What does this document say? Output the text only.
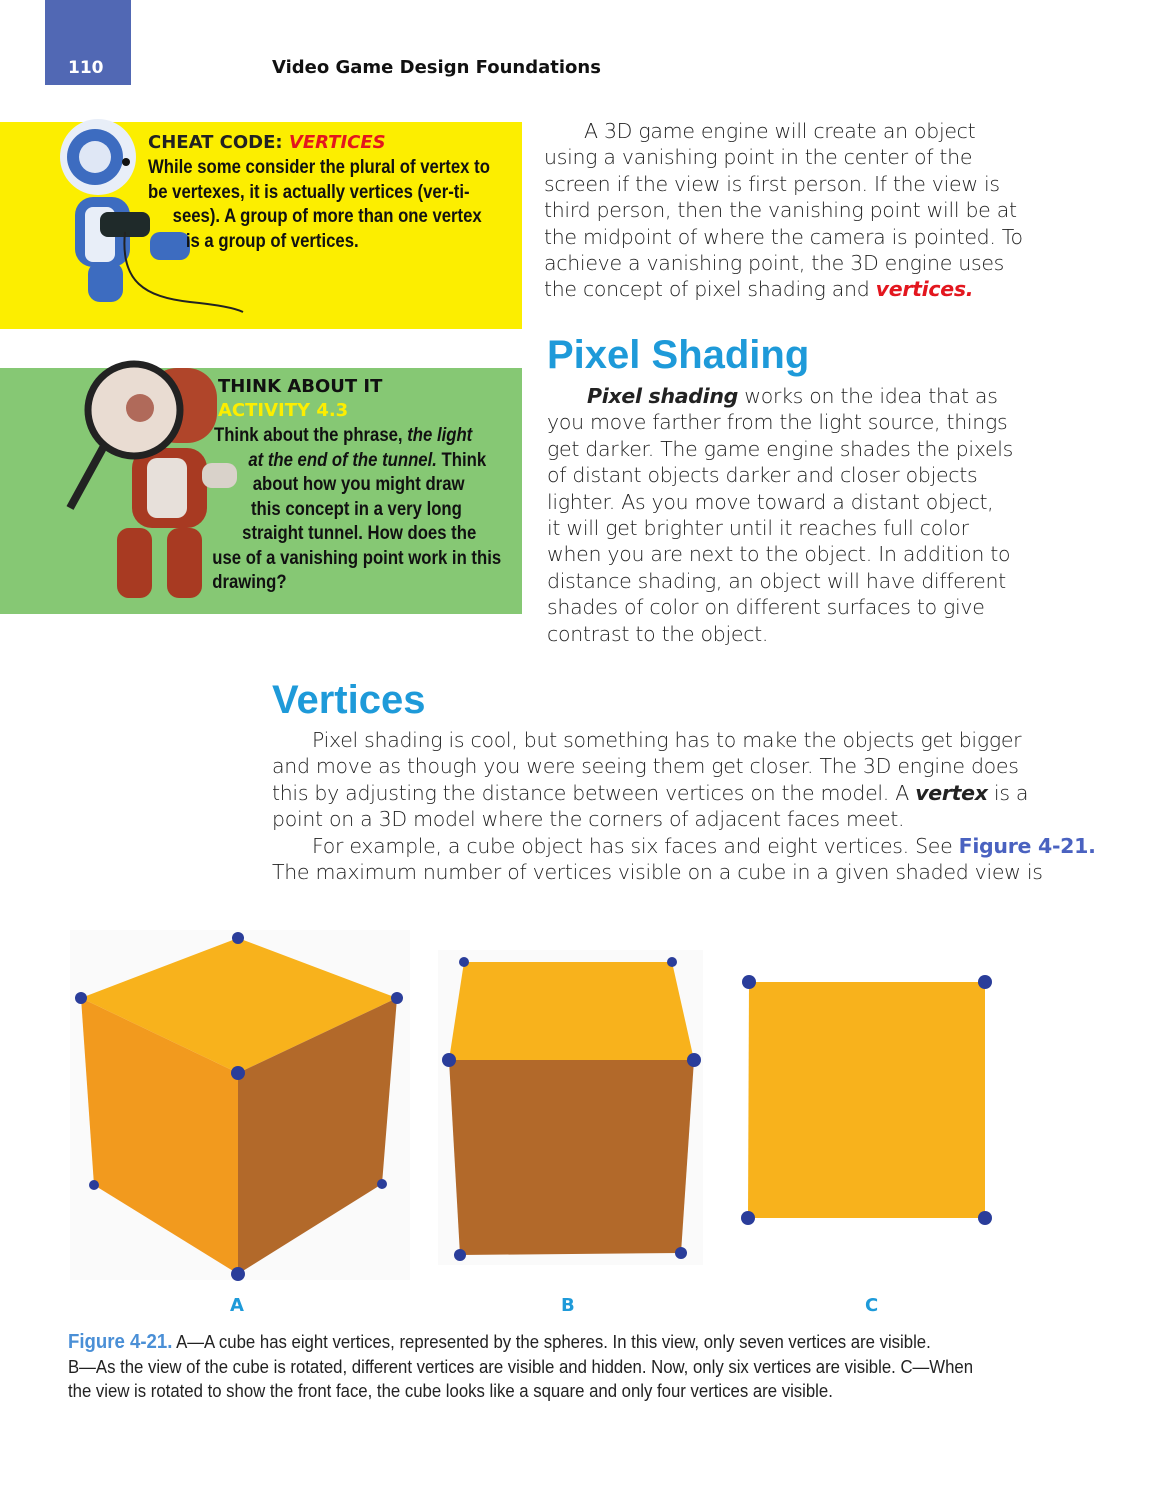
110	Video Game Design Foundations
CHEAT CODE: VERTICES
While some consider the plural of vertex to
be vertexes, it is actually vertices (ver-ti-
sees). A group of more than one vertex
is a group of vertices.
THINK ABOUT IT
ACTIVITY 4.3
Think about the phrase, the light
at the end of the tunnel. Think
about how you might draw
this concept in a very long
straight tunnel. How does the
use of a vanishing point work in this
drawing?
A 3D game engine will create an object
using a vanishing point in the center of the
screen if the view is first person. If the view is
third person, then the vanishing point will be at
the midpoint of where the camera is pointed. To
achieve a vanishing point, the 3D engine uses
the concept of pixel shading and vertices.
Pixel Shading
Pixel shading works on the idea that as
you move farther from the light source, things
get darker. The game engine shades the pixels
of distant objects darker and closer objects
lighter. As you move toward a distant object,
it will get brighter until it reaches full color
when you are next to the object. In addition to
distance shading, an object will have different
shades of color on different surfaces to give
contrast to the object.
Vertices
Pixel shading is cool, but something has to make the objects get bigger
and move as though you were seeing them get closer. The 3D engine does
this by adjusting the distance between vertices on the model. A vertex is a
point on a 3D model where the corners of adjacent faces meet.
For example, a cube object has six faces and eight vertices. See Figure 4-21.
The maximum number of vertices visible on a cube in a given shaded view is
A	B	C
Figure 4-21. A—A cube has eight vertices, represented by the spheres. In this view, only seven vertices are visible.
B—As the view of the cube is rotated, different vertices are visible and hidden. Now, only six vertices are visible. C—When
the view is rotated to show the front face, the cube looks like a square and only four vertices are visible.
